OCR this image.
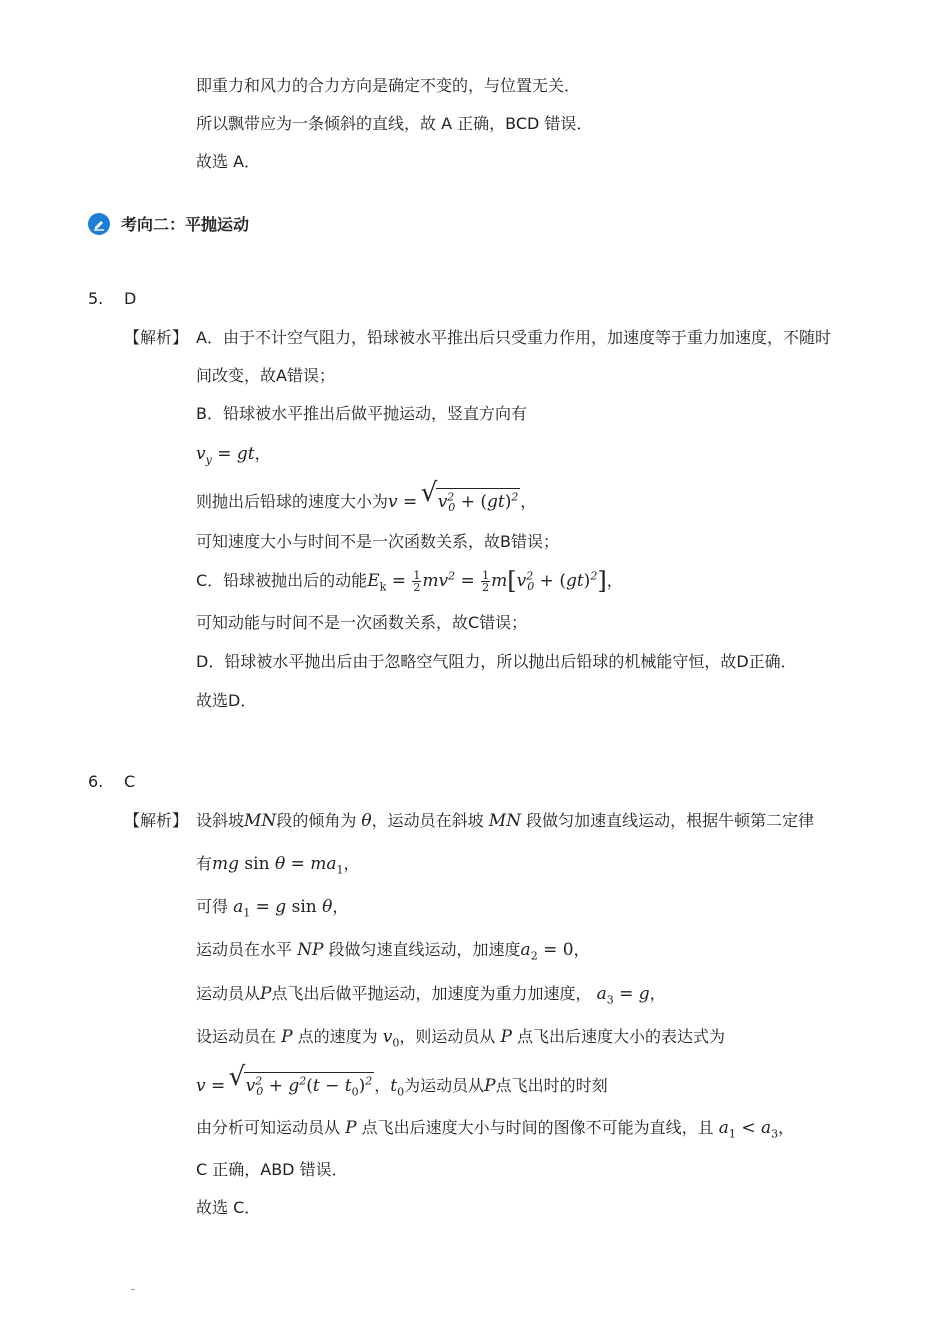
即重力和风力的合力方向是确定不变的，与位置无关．
所以飘带应为一条倾斜的直线，故 A 正确，BCD 错误．
故选 A．
考向二：平抛运动
5. D
【解析】 A．由于不计空气阻力，铅球被水平推出后只受重力作用，加速度等于重力加速度，不随时
间改变，故A错误；
B．铅球被水平推出后做平抛运动，竖直方向有
$v_y$ = gt，
则抛出后铅球的速度大小为v = √ $v^2_0 + (gt)^2$ ，
可知速度大小与时间不是一次函数关系，故B错误；
C．铅球被抛出后的动能$E_k = \frac{1}{2} mv^2 = \frac{1}{2} m[v^2_0 + (gt)^2]$，
可知动能与时间不是一次函数关系，故C错误；
D．铅球被水平抛出后由于忽略空气阻力，所以抛出后铅球的机械能守恒，故D正确．
故选D．
6. C
【解析】 设斜坡MN段的倾角为 θ，运动员在斜坡 MN 段做匀加速直线运动，根据牛顿第二定律
有mg $\sin \theta = ma_1$，
可得 $a_1 = g$ sin θ，
运动员在水平 NP 段做匀速直线运动，加速度$a_2 = 0$，
运动员从P点飞出后做平抛运动，加速度为重力加速度， $a_3 = g$，
设运动员在 P 点的速度为 $v_0$，则运动员从 P 点飞出后速度大小的表达式为
v = √ $v^2_0 + g^2(t - t_0)^2$ ，$t_0$为运动员从P点飞出时的时刻
由分析可知运动员从 P 点飞出后速度大小与时间的图像不可能为直线，且 $a_1 < a_3$，
C 正确，ABD 错误．
故选 C．
